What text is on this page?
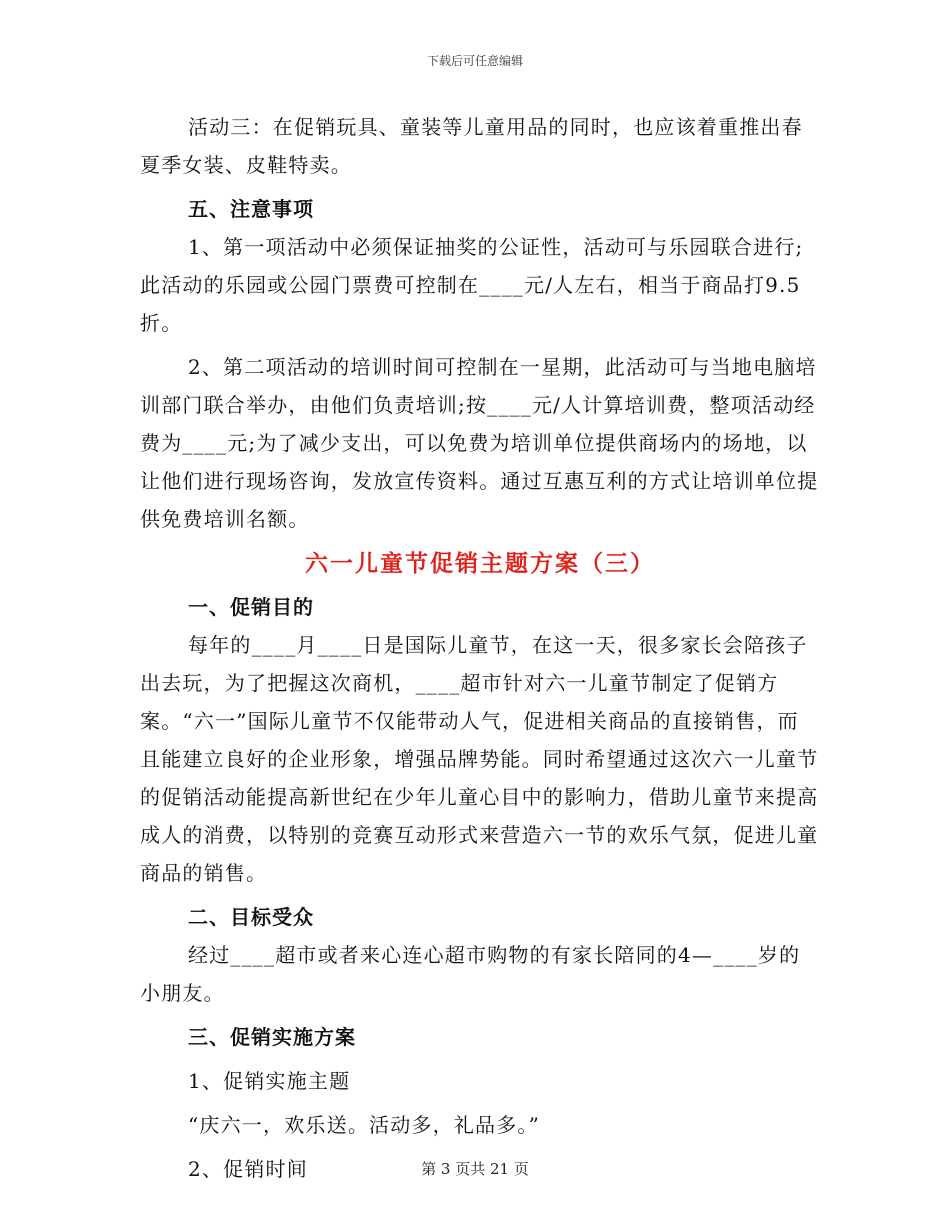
下载后可任意编辑

活动三：在促销玩具、童装等儿童用品的同时，也应该着重推出春夏季女装、皮鞋特卖。

五、注意事项

1、第一项活动中必须保证抽奖的公证性，活动可与乐园联合进行;此活动的乐园或公园门票费可控制在____元/人左右，相当于商品打9.5折。

2、第二项活动的培训时间可控制在一星期，此活动可与当地电脑培训部门联合举办，由他们负责培训;按____元/人计算培训费，整项活动经费为____元;为了减少支出，可以免费为培训单位提供商场内的场地，以让他们进行现场咨询，发放宣传资料。通过互惠互利的方式让培训单位提供免费培训名额。

六一儿童节促销主题方案（三）

一、促销目的

每年的____月____日是国际儿童节，在这一天，很多家长会陪孩子出去玩，为了把握这次商机，____超市针对六一儿童节制定了促销方案。“六一”国际儿童节不仅能带动人气，促进相关商品的直接销售，而且能建立良好的企业形象，增强品牌势能。同时希望通过这次六一儿童节的促销活动能提高新世纪在少年儿童心目中的影响力，借助儿童节来提高成人的消费，以特别的竞赛互动形式来营造六一节的欢乐气氛，促进儿童商品的销售。

二、目标受众

经过____超市或者来心连心超市购物的有家长陪同的4—____岁的小朋友。

三、促销实施方案

1、促销实施主题

“庆六一，欢乐送。活动多，礼品多。”

2、促销时间	第 3 页共 21 页
